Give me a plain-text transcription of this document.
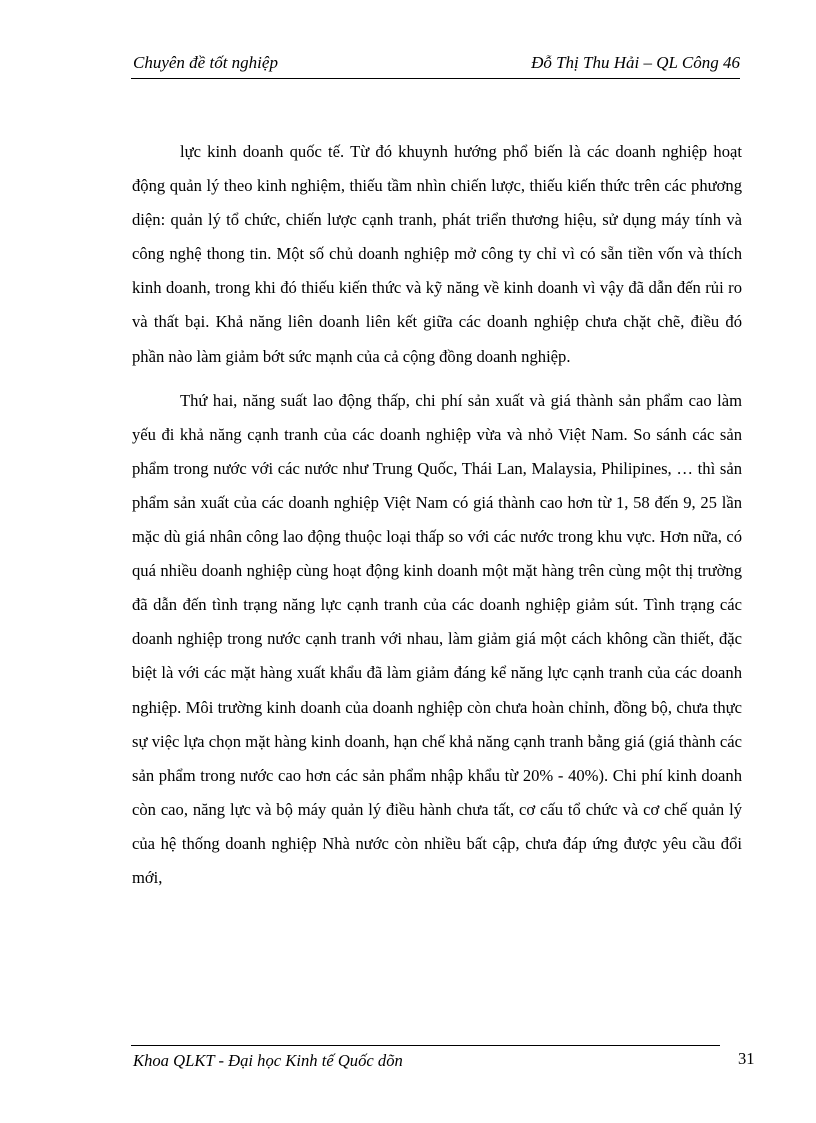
Chuyên đề tốt nghiệp	Đỗ Thị Thu Hải – QL Công 46

lực kinh doanh quốc tế. Từ đó khuynh hướng phổ biến là các doanh nghiệp hoạt động quản lý theo kinh nghiệm, thiếu tầm nhìn chiến lược, thiếu kiến thức trên các phương diện: quản lý tổ chức, chiến lược cạnh tranh, phát triển thương hiệu, sử dụng máy tính và công nghệ thong tin. Một số chủ doanh nghiệp mở công ty chỉ vì có sẵn tiền vốn và thích kinh doanh, trong khi đó thiếu kiến thức và kỹ năng về kinh doanh vì vậy đã dẫn đến rủi ro và thất bại. Khả năng liên doanh liên kết giữa các doanh nghiệp chưa chặt chẽ, điều đó phần nào làm giảm bớt sức mạnh của cả cộng đồng doanh nghiệp.

Thứ hai, năng suất lao động thấp, chi phí sản xuất và giá thành sản phẩm cao làm yếu đi khả năng cạnh tranh của các doanh nghiệp vừa và nhỏ Việt Nam. So sánh các sản phẩm trong nước với các nước như Trung Quốc, Thái Lan, Malaysia, Philipines, … thì sản phẩm sản xuất của các doanh nghiệp Việt Nam có giá thành cao hơn từ 1, 58 đến 9, 25 lần mặc dù giá nhân công lao động thuộc loại thấp so với các nước trong khu vực. Hơn nữa, có quá nhiều doanh nghiệp cùng hoạt động kinh doanh một mặt hàng trên cùng một thị trường đã dẫn đến tình trạng năng lực cạnh tranh của các doanh nghiệp giảm sút. Tình trạng các doanh nghiệp trong nước cạnh tranh với nhau, làm giảm giá một cách không cần thiết, đặc biệt là với các mặt hàng xuất khẩu đã làm giảm đáng kể năng lực cạnh tranh của các doanh nghiệp. Môi trường kinh doanh của doanh nghiệp còn chưa hoàn chỉnh, đồng bộ, chưa thực sự việc lựa chọn mặt hàng kinh doanh, hạn chế khả năng cạnh tranh bằng giá (giá thành các sản phẩm trong nước cao hơn các sản phẩm nhập khẩu từ 20% - 40%). Chi phí kinh doanh còn cao, năng lực và bộ máy quản lý điều hành chưa tất, cơ cấu tổ chức và cơ chế quản lý của hệ thống doanh nghiệp Nhà nước còn nhiều bất cập, chưa đáp ứng được yêu cầu đổi mới,

Khoa QLKT - Đại học Kinh tế Quốc dõn	31
